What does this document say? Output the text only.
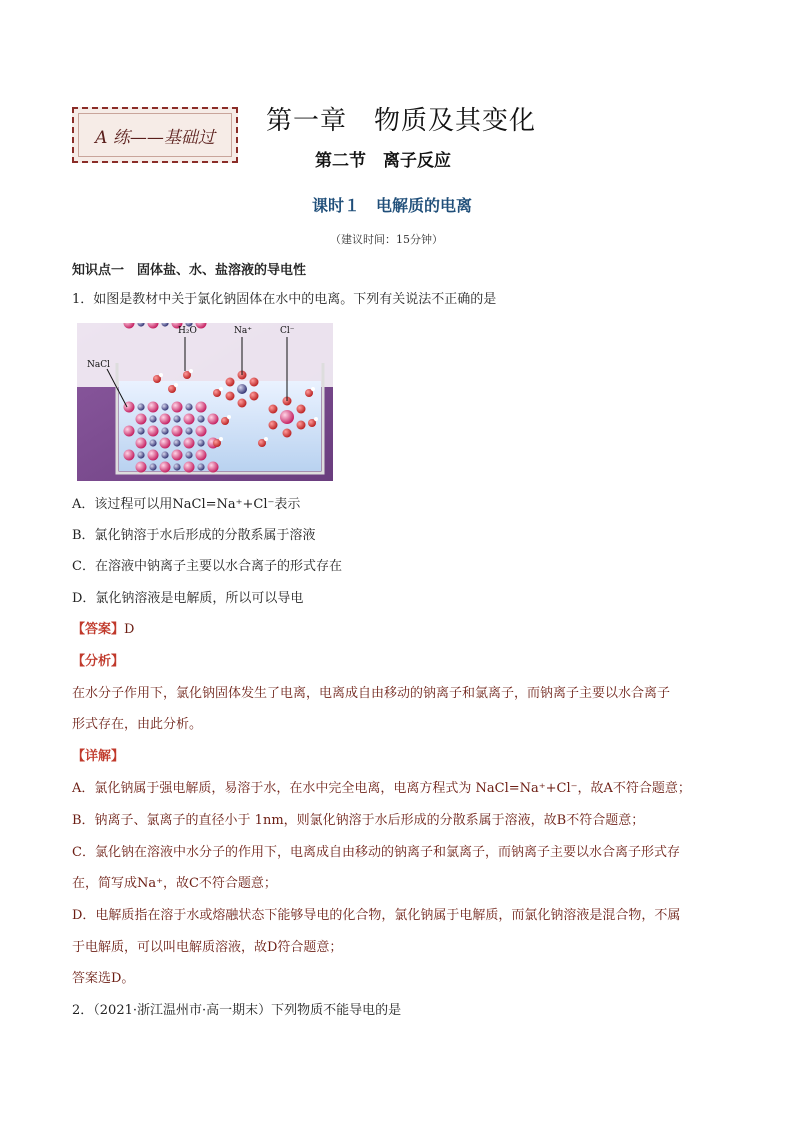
A 练——基础过
第一章　物质及其变化
第二节　离子反应
课时１　电解质的电离
（建议时间：15分钟）
知识点一　固体盐、水、盐溶液的导电性
1．如图是教材中关于氯化钠固体在水中的电离。下列有关说法不正确的是
H₂O	Na⁺	Cl⁻
NaCl
A．该过程可以用NaCl=Na⁺+Cl⁻表示
B．氯化钠溶于水后形成的分散系属于溶液
C．在溶液中钠离子主要以水合离子的形式存在
D．氯化钠溶液是电解质，所以可以导电
【答案】D
【分析】
在水分子作用下，氯化钠固体发生了电离，电离成自由移动的钠离子和氯离子，而钠离子主要以水合离子
形式存在，由此分析。
【详解】
A．氯化钠属于强电解质，易溶于水，在水中完全电离，电离方程式为 NaCl=Na⁺+Cl⁻，故A不符合题意；
B．钠离子、氯离子的直径小于 1nm，则氯化钠溶于水后形成的分散系属于溶液，故B不符合题意；
C．氯化钠在溶液中水分子的作用下，电离成自由移动的钠离子和氯离子，而钠离子主要以水合离子形式存
在，简写成Na⁺，故C不符合题意；
D．电解质指在溶于水或熔融状态下能够导电的化合物，氯化钠属于电解质，而氯化钠溶液是混合物，不属
于电解质，可以叫电解质溶液，故D符合题意；
答案选D。
2．（2021·浙江温州市·高一期末）下列物质不能导电的是
